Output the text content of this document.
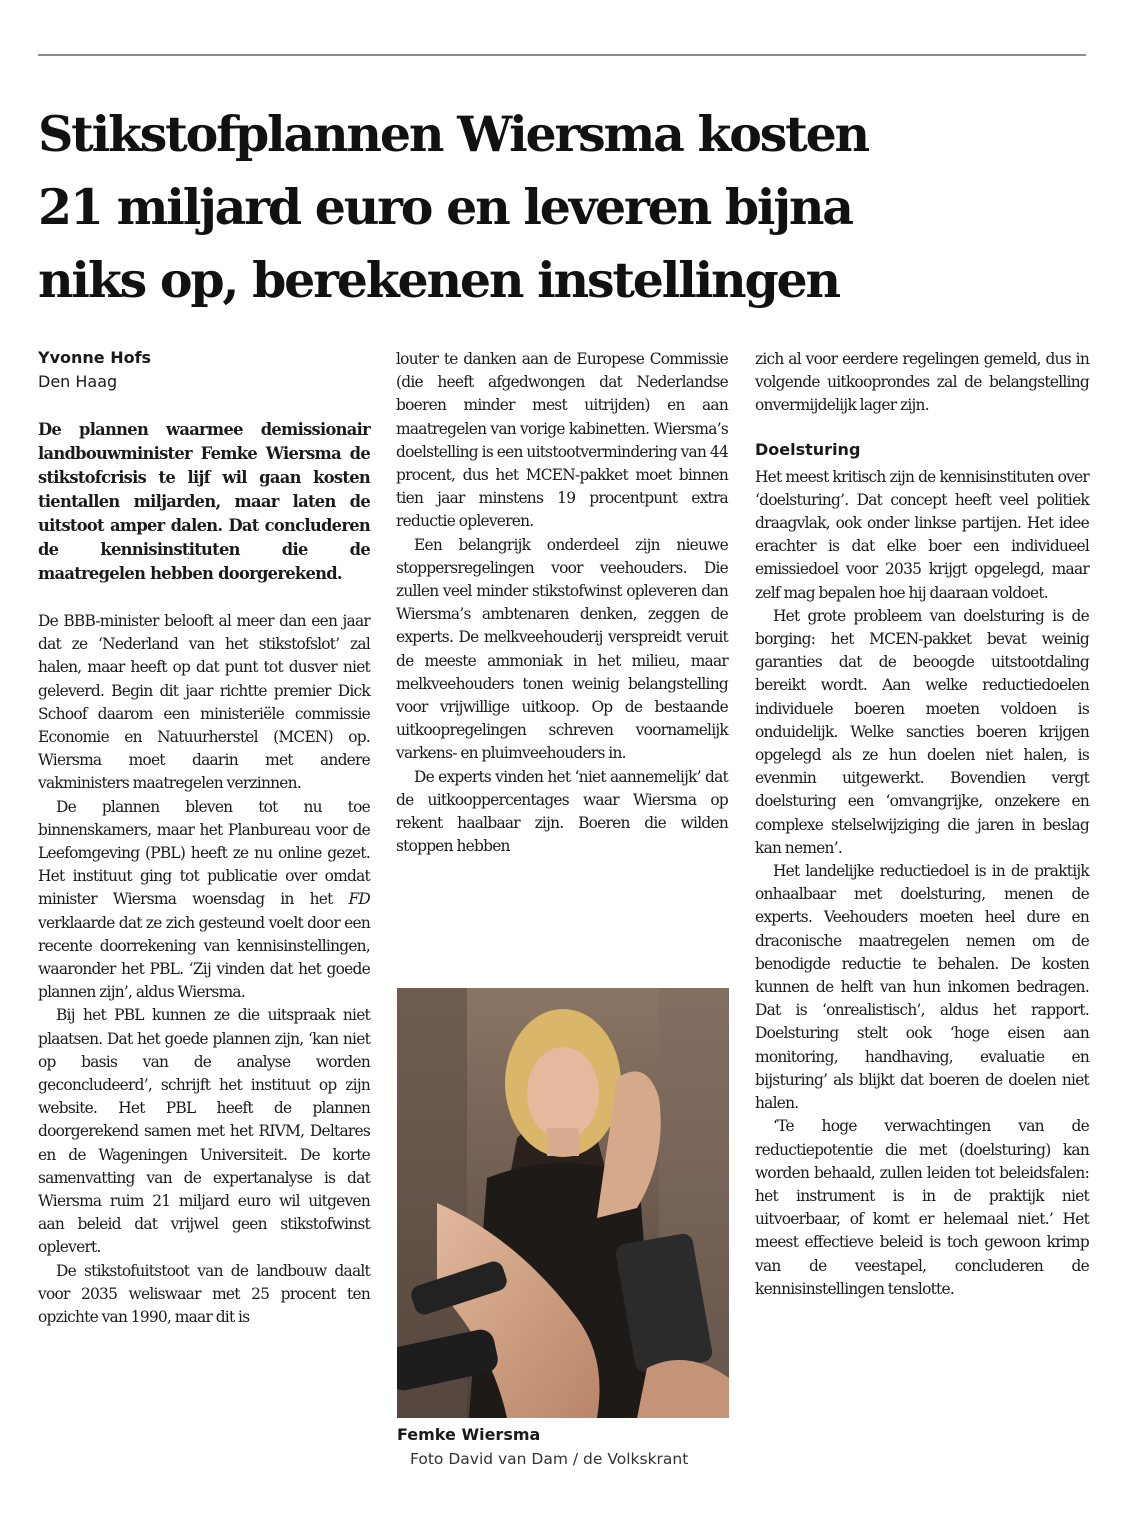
Stikstofplannen Wiersma kosten
21 miljard euro en leveren bijna
niks op, berekenen instellingen

Yvonne Hofs

Den Haag

De plannen waarmee demissionair landbouwminister Femke Wiersma de stikstofcrisis te lijf wil gaan kosten tientallen miljarden, maar laten de uitstoot amper dalen. Dat concluderen de kennisinstituten die de maatregelen hebben doorgerekend.

De BBB-minister belooft al meer dan een jaar dat ze ‘Nederland van het stikstofslot’ zal halen, maar heeft op dat punt tot dusver niet geleverd. Begin dit jaar richtte premier Dick Schoof daarom een ministeriële commissie Economie en Natuurherstel (MCEN) op. Wiersma moet daarin met andere vakministers maatregelen verzinnen.

De plannen bleven tot nu toe binnenskamers, maar het Planbureau voor de Leefomgeving (PBL) heeft ze nu online gezet. Het instituut ging tot publicatie over omdat minister Wiersma woensdag in het FD verklaarde dat ze zich gesteund voelt door een recente doorrekening van kennisinstellingen, waaronder het PBL. ‘Zij vinden dat het goede plannen zijn’, aldus Wiersma.

Bij het PBL kunnen ze die uitspraak niet plaatsen. Dat het goede plannen zijn, ‘kan niet op basis van de analyse worden geconcludeerd’, schrijft het instituut op zijn website. Het PBL heeft de plannen doorgerekend samen met het RIVM, Deltares en de Wageningen Universiteit. De korte samenvatting van de expertanalyse is dat Wiersma ruim 21 miljard euro wil uitgeven aan beleid dat vrijwel geen stikstofwinst oplevert.

De stikstofuitstoot van de landbouw daalt voor 2035 weliswaar met 25 procent ten opzichte van 1990, maar dit is

louter te danken aan de Europese Commissie (die heeft afgedwongen dat Nederlandse boeren minder mest uitrijden) en aan maatregelen van vorige kabinetten. Wiersma’s doelstelling is een uitstootvermindering van 44 procent, dus het MCEN-pakket moet binnen tien jaar minstens 19 procentpunt extra reductie opleveren.

Een belangrijk onderdeel zijn nieuwe stoppersregelingen voor veehouders. Die zullen veel minder stikstofwinst opleveren dan Wiersma’s ambtenaren denken, zeggen de experts. De melkveehouderij verspreidt veruit de meeste ammoniak in het milieu, maar melkveehouders tonen weinig belangstelling voor vrijwillige uitkoop. Op de bestaande uitkoopregelingen schreven voornamelijk varkens- en pluimveehouders in.

De experts vinden het ‘niet aannemelijk’ dat de uitkooppercentages waar Wiersma op rekent haalbaar zijn. Boeren die wilden stoppen hebben

Femke Wiersma

Foto David van Dam / de Volkskrant

zich al voor eerdere regelingen gemeld, dus in volgende uitkooprondes zal de belangstelling onvermijdelijk lager zijn.

Doelsturing

Het meest kritisch zijn de kennisinstituten over ‘doelsturing’. Dat concept heeft veel politiek draagvlak, ook onder linkse partijen. Het idee erachter is dat elke boer een individueel emissiedoel voor 2035 krijgt opgelegd, maar zelf mag bepalen hoe hij daaraan voldoet.

Het grote probleem van doelsturing is de borging: het MCEN-pakket bevat weinig garanties dat de beoogde uitstootdaling bereikt wordt. Aan welke reductiedoelen individuele boeren moeten voldoen is onduidelijk. Welke sancties boeren krijgen opgelegd als ze hun doelen niet halen, is evenmin uitgewerkt. Bovendien vergt doelsturing een ‘omvangrijke, onzekere en complexe stelselwijziging die jaren in beslag kan nemen’.

Het landelijke reductiedoel is in de praktijk onhaalbaar met doelsturing, menen de experts. Veehouders moeten heel dure en draconische maatregelen nemen om de benodigde reductie te behalen. De kosten kunnen de helft van hun inkomen bedragen. Dat is ‘onrealistisch’, aldus het rapport. Doelsturing stelt ook ‘hoge eisen aan monitoring, handhaving, evaluatie en bijsturing’ als blijkt dat boeren de doelen niet halen.

‘Te hoge verwachtingen van de reductiepotentie die met (doelsturing) kan worden behaald, zullen leiden tot beleidsfalen: het instrument is in de praktijk niet uitvoerbaar, of komt er helemaal niet.’ Het meest effectieve beleid is toch gewoon krimp van de veestapel, concluderen de kennisinstellingen tenslotte.
